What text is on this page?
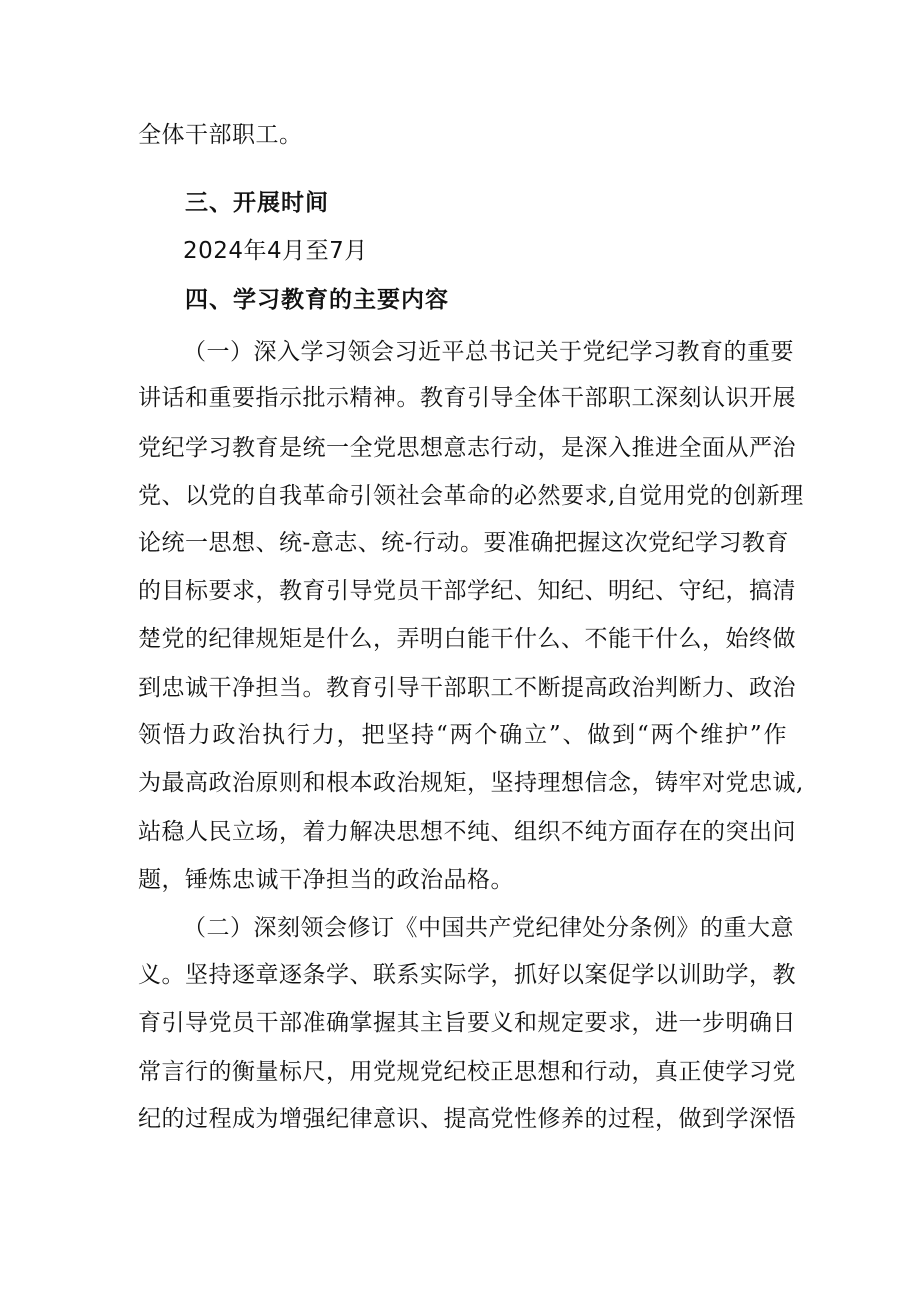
全体干部职工。
三、开展时间
2024年4月至7月
四、学习教育的主要内容
（一）深入学习领会习近平总书记关于党纪学习教育的重要
讲话和重要指示批示精神。教育引导全体干部职工深刻认识开展
党纪学习教育是统一全党思想意志行动，是深入推进全面从严治
党、以党的自我革命引领社会革命的必然要求,自觉用党的创新理
论统一思想、统-意志、统-行动。要准确把握这次党纪学习教育
的目标要求，教育引导党员干部学纪、知纪、明纪、守纪，搞清
楚党的纪律规矩是什么，弄明白能干什么、不能干什么，始终做
到忠诚干净担当。教育引导干部职工不断提高政治判断力、政治
领悟力政治执行力，把坚持“两个确立”、做到“两个维护”作
为最高政治原则和根本政治规矩，坚持理想信念，铸牢对党忠诚,
站稳人民立场，着力解决思想不纯、组织不纯方面存在的突出问
题，锤炼忠诚干净担当的政治品格。
（二）深刻领会修订《中国共产党纪律处分条例》的重大意
义。坚持逐章逐条学、联系实际学，抓好以案促学以训助学，教
育引导党员干部准确掌握其主旨要义和规定要求，进一步明确日
常言行的衡量标尺，用党规党纪校正思想和行动，真正使学习党
纪的过程成为增强纪律意识、提高党性修养的过程，做到学深悟
